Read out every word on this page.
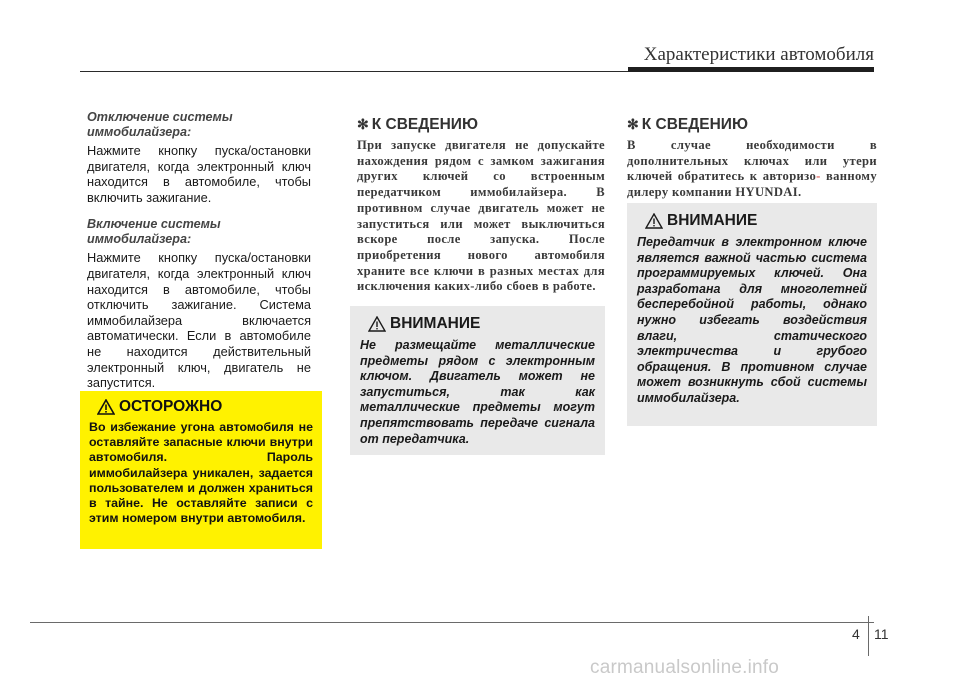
Характеристики автомобиля
Отключение системы иммобилайзера:
Нажмите кнопку пуска/остановки двигателя, когда электронный ключ находится в автомобиле, чтобы включить зажигание.
Включение системы иммобилайзера:
Нажмите кнопку пуска/остановки двигателя, когда электронный ключ находится в автомобиле, чтобы отключить зажигание. Система иммобилайзера включается автоматически. Если в автомобиле не находится действительный электронный ключ, двигатель не запустится.
ОСТОРОЖНО
Во избежание угона автомобиля не оставляйте запасные ключи внутри автомобиля. Пароль иммобилайзера уникален, задается пользователем и должен храниться в тайне. Не оставляйте записи с этим номером внутри автомобиля.
✻ К СВЕДЕНИЮ
При запуске двигателя не допускайте нахождения рядом с замком зажигания других ключей со встроенным передатчиком иммобилайзера. В противном случае двигатель может не запуститься или может выключиться вскоре после запуска. После приобретения нового автомобиля храните все ключи в разных местах для исключения каких-либо сбоев в работе.
ВНИМАНИЕ
Не размещайте металлические предметы рядом с электронным ключом. Двигатель может не запуститься, так как металлические предметы могут препятствовать передаче сигнала от передатчика.
✻ К СВЕДЕНИЮ
В случае необходимости в дополнительных ключах или утери ключей обратитесь к авторизо- ванному дилеру компании HYUNDAI.
ВНИМАНИЕ
Передатчик в электронном ключе является важной частью система программируемых ключей. Она разработана для многолетней бесперебойной работы, однако нужно избегать воздействия влаги, статического электричества и грубого обращения. В противном случае может возникнуть сбой системы иммобилайзера.
4 11
carmanualsonline.info
